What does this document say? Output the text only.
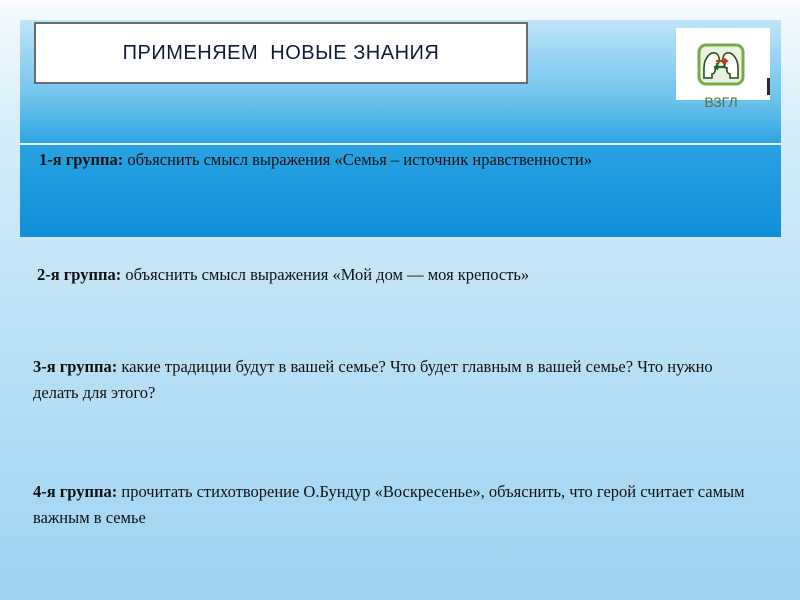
ПРИМЕНЯЕМ  НОВЫЕ ЗНАНИЯ
ВЗГЛ

1-я группа: объяснить смысл выражения «Семья – источник нравственности»

2-я группа: объяснить смысл выражения «Мой дом — моя крепость»

3-я группа: какие традиции будут в вашей семье? Что будет главным в вашей семье? Что нужно делать для этого?

4-я группа: прочитать стихотворение О.Бундур «Воскресенье», объяснить, что герой считает самым важным в семье
